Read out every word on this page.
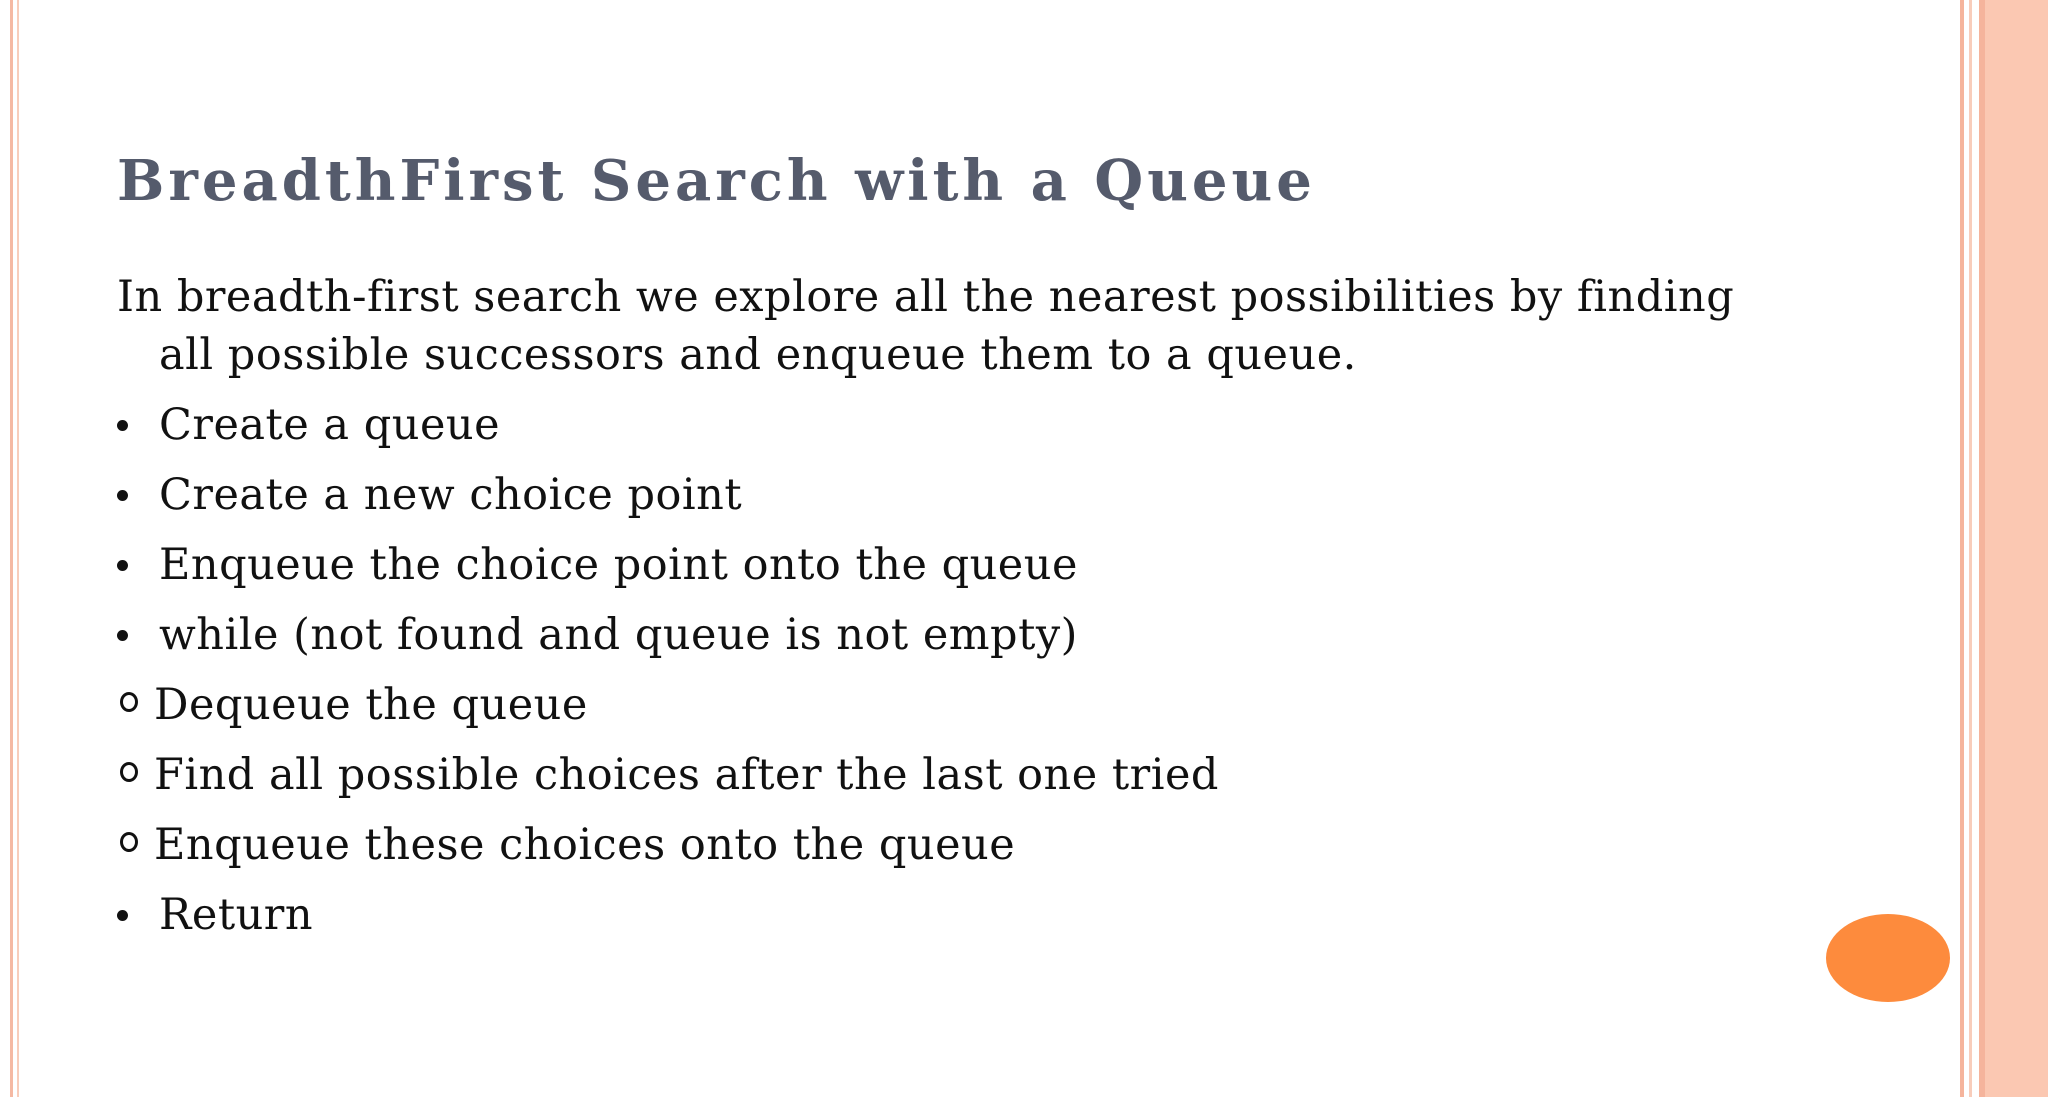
BreadthFirst Search with a Queue

In breadth-first search we explore all the nearest possibilities by finding all possible successors and enqueue them to a queue.

Create a queue
Create a new choice point
Enqueue the choice point onto the queue
while (not found and queue is not empty)
Dequeue the queue
Find all possible choices after the last one tried
Enqueue these choices onto the queue
Return
